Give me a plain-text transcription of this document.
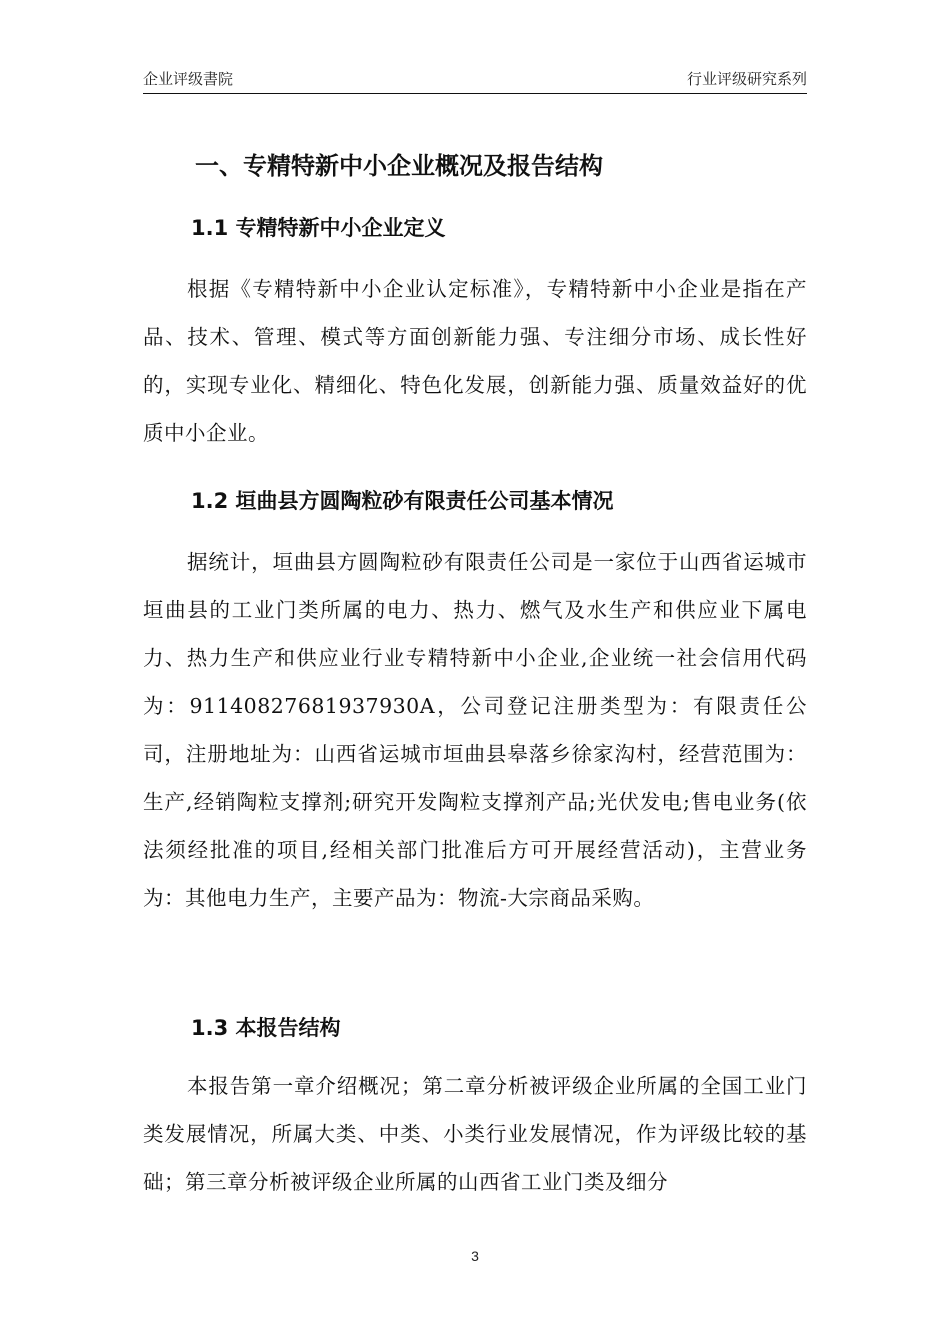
企业评级書院	行业评级研究系列
一、专精特新中小企业概况及报告结构
1.1 专精特新中小企业定义

根据《专精特新中小企业认定标准》，专精特新中小企业是指在产品、技术、管理、模式等方面创新能力强、专注细分市场、成长性好的，实现专业化、精细化、特色化发展，创新能力强、质量效益好的优质中小企业。

1.2 垣曲县方圆陶粒砂有限责任公司基本情况

据统计，垣曲县方圆陶粒砂有限责任公司是一家位于山西省运城市垣曲县的工业门类所属的电力、热力、燃气及水生产和供应业下属电力、热力生产和供应业行业专精特新中小企业,企业统一社会信用代码为：91140827681937930A，公司登记注册类型为：有限责任公司，注册地址为：山西省运城市垣曲县皋落乡徐家沟村，经营范围为：生产,经销陶粒支撑剂;研究开发陶粒支撑剂产品;光伏发电;售电业务(依法须经批准的项目,经相关部门批准后方可开展经营活动)，主营业务为：其他电力生产，主要产品为：物流-大宗商品采购。

1.3 本报告结构

本报告第一章介绍概况；第二章分析被评级企业所属的全国工业门类发展情况，所属大类、中类、小类行业发展情况，作为评级比较的基础；第三章分析被评级企业所属的山西省工业门类及细分

3
